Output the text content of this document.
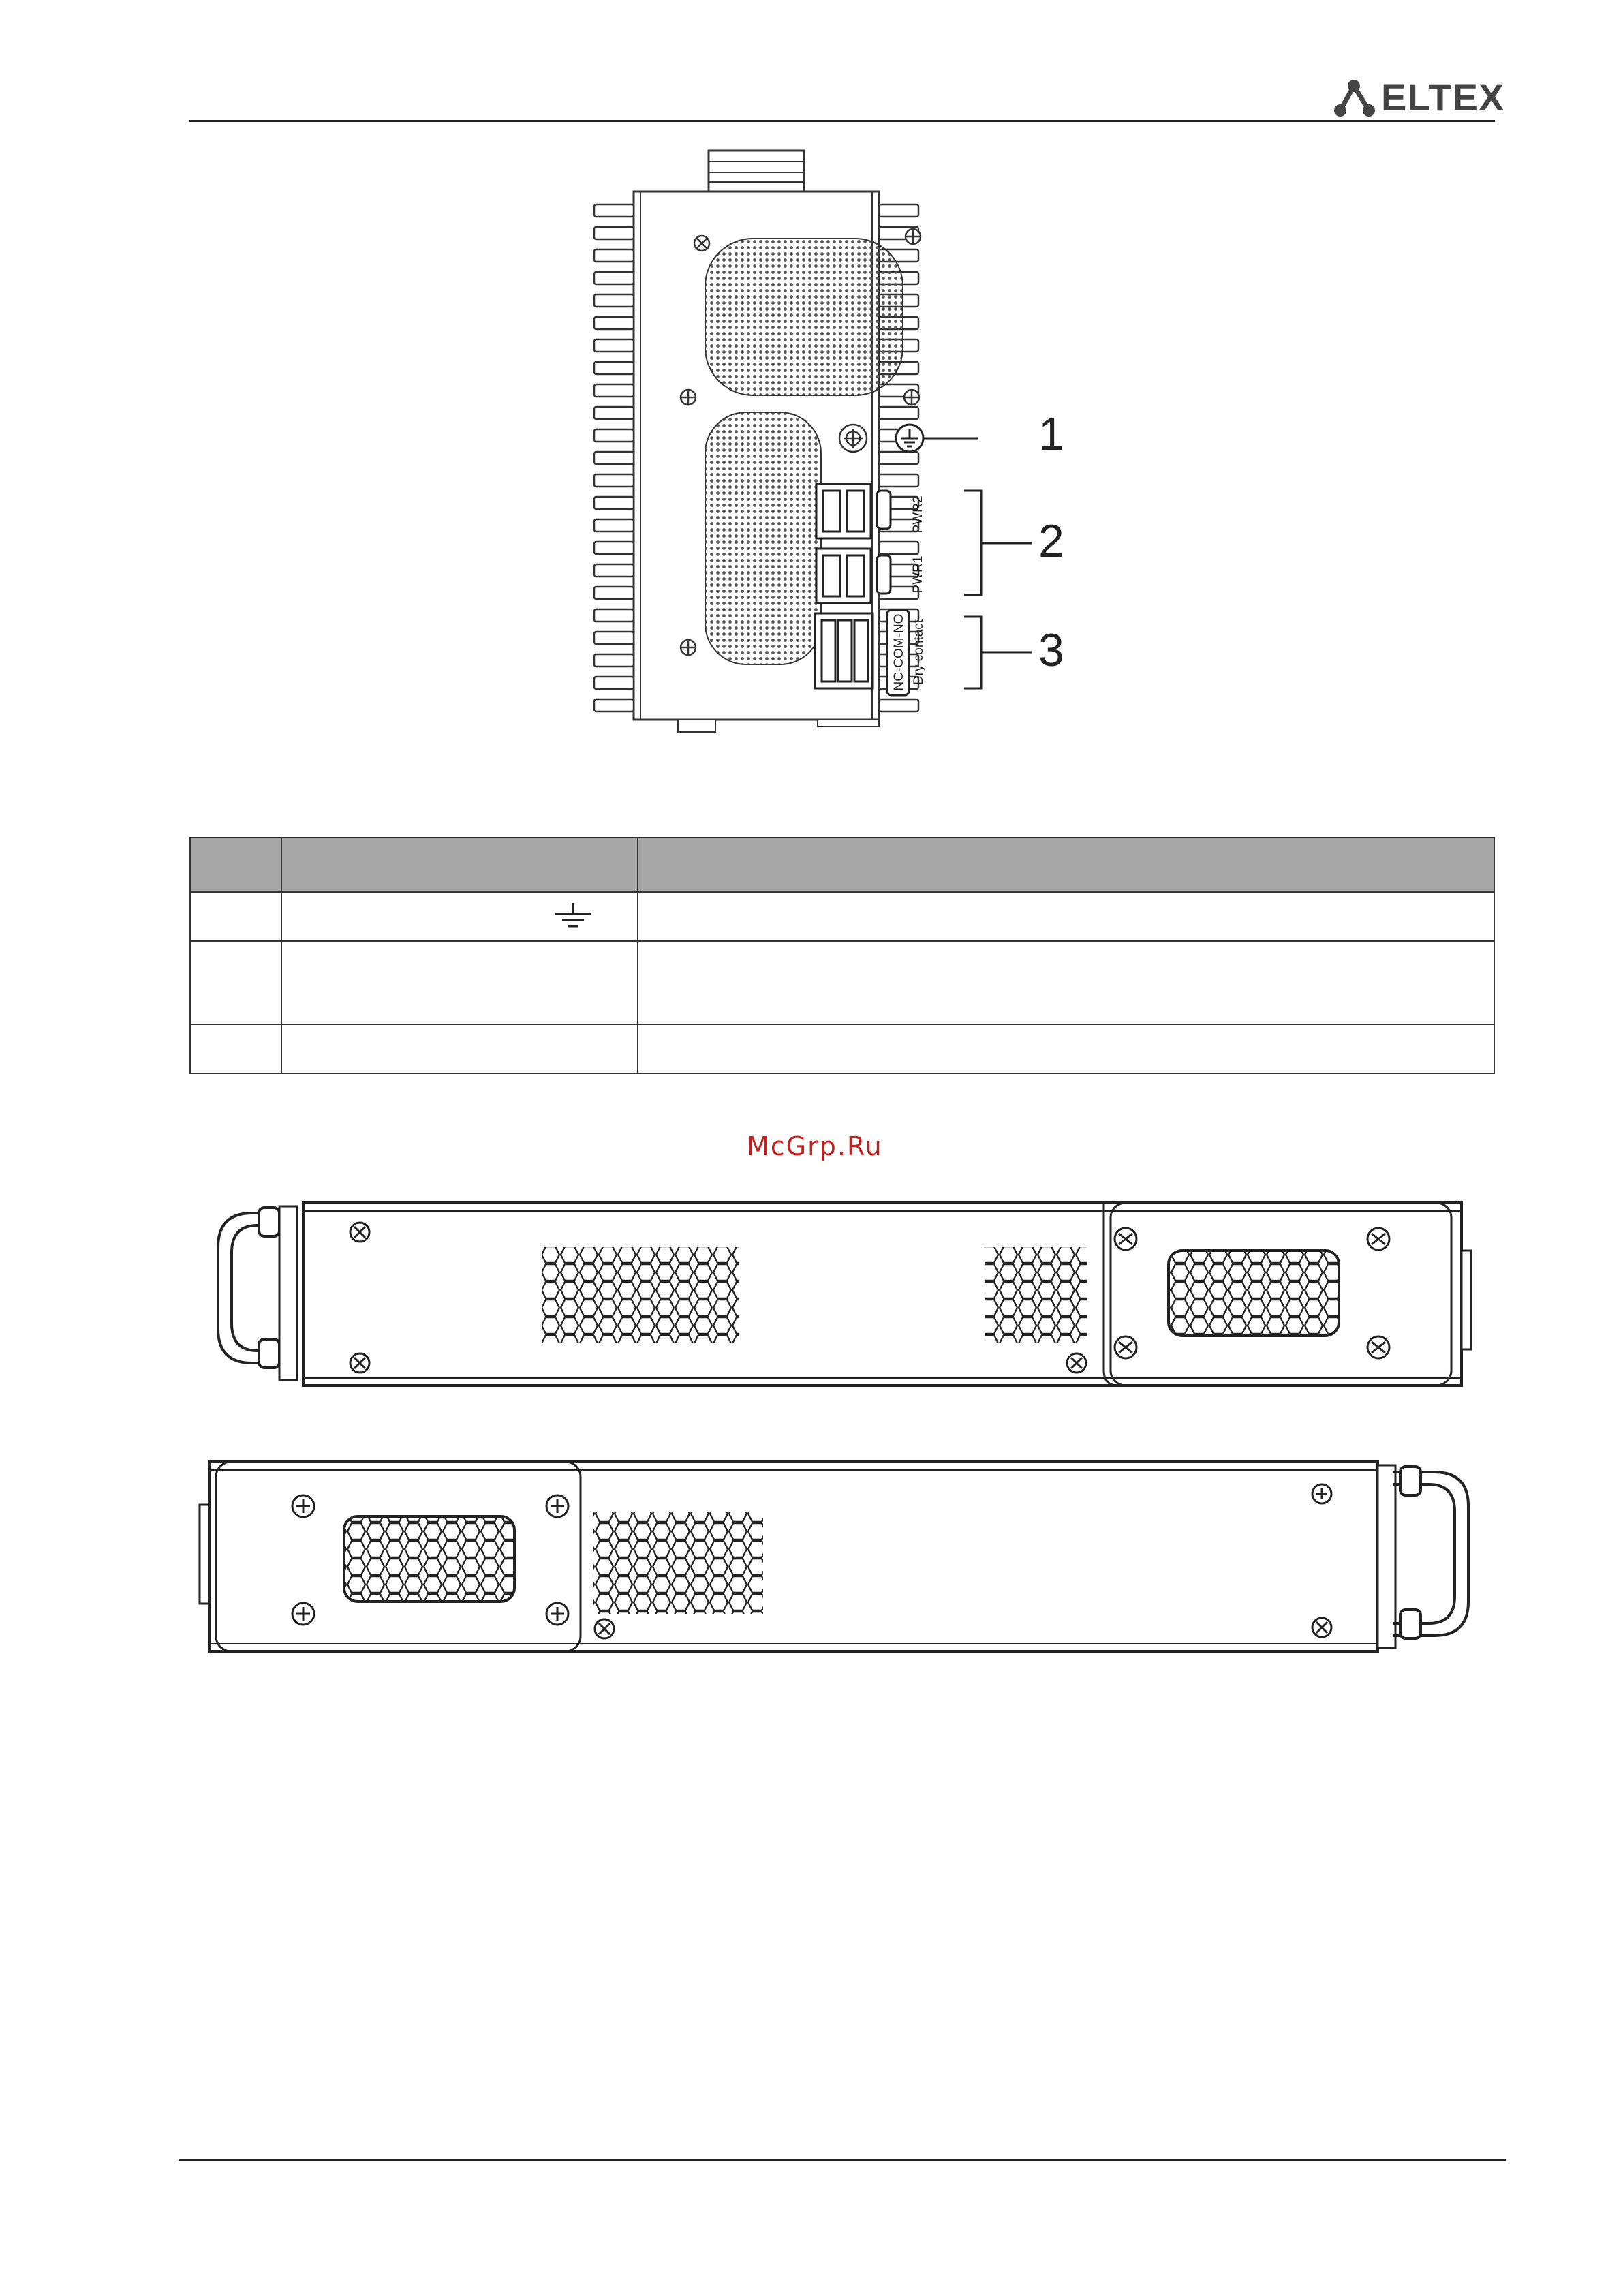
ELTEX
PWR2
PWR1
NC-COM-NO Dry contact
1
2
3

McGrp.Ru
